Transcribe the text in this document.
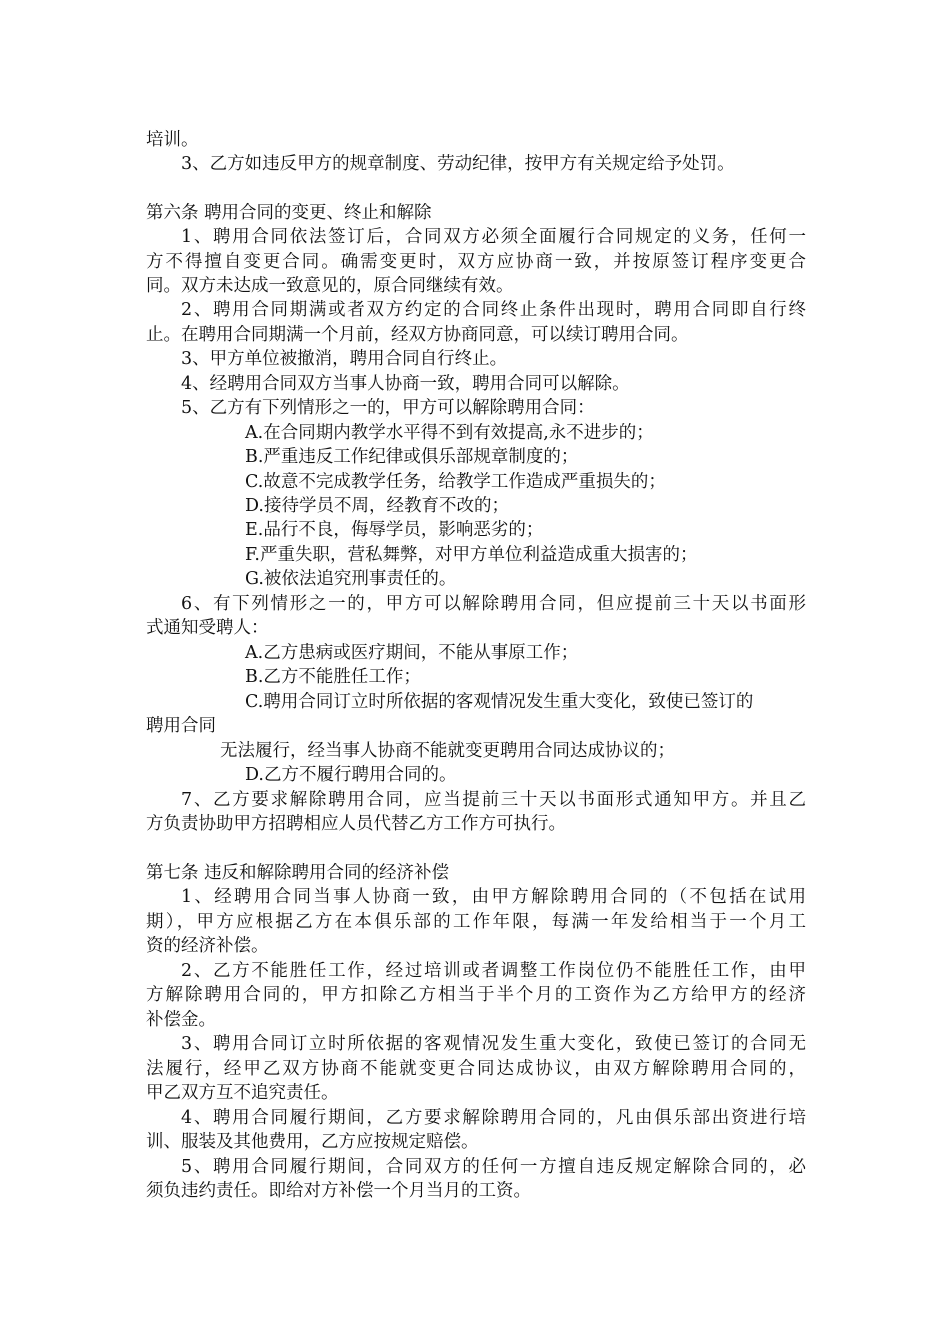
培训。
3、乙方如违反甲方的规章制度、劳动纪律，按甲方有关规定给予处罚。
第六条 聘用合同的变更、终止和解除
1、聘用合同依法签订后，合同双方必须全面履行合同规定的义务，任何一
方不得擅自变更合同。确需变更时，双方应协商一致，并按原签订程序变更合
同。双方未达成一致意见的，原合同继续有效。
2、聘用合同期满或者双方约定的合同终止条件出现时，聘用合同即自行终
止。在聘用合同期满一个月前，经双方协商同意，可以续订聘用合同。
3、甲方单位被撤消，聘用合同自行终止。
4、经聘用合同双方当事人协商一致，聘用合同可以解除。
5、乙方有下列情形之一的，甲方可以解除聘用合同：
A.在合同期内教学水平得不到有效提高,永不进步的；
B.严重违反工作纪律或俱乐部规章制度的；
C.故意不完成教学任务，给教学工作造成严重损失的；
D.接待学员不周，经教育不改的；
E.品行不良，侮辱学员，影响恶劣的；
F.严重失职，营私舞弊，对甲方单位利益造成重大损害的；
G.被依法追究刑事责任的。
6、有下列情形之一的，甲方可以解除聘用合同，但应提前三十天以书面形
式通知受聘人：
A.乙方患病或医疗期间，不能从事原工作；
B.乙方不能胜任工作；
C.聘用合同订立时所依据的客观情况发生重大变化，致使已签订的
聘用合同
无法履行，经当事人协商不能就变更聘用合同达成协议的；
D.乙方不履行聘用合同的。
7、乙方要求解除聘用合同，应当提前三十天以书面形式通知甲方。并且乙
方负责协助甲方招聘相应人员代替乙方工作方可执行。
第七条 违反和解除聘用合同的经济补偿
1、经聘用合同当事人协商一致，由甲方解除聘用合同的（不包括在试用
期），甲方应根据乙方在本俱乐部的工作年限，每满一年发给相当于一个月工
资的经济补偿。
2、乙方不能胜任工作，经过培训或者调整工作岗位仍不能胜任工作，由甲
方解除聘用合同的，甲方扣除乙方相当于半个月的工资作为乙方给甲方的经济
补偿金。
3、聘用合同订立时所依据的客观情况发生重大变化，致使已签订的合同无
法履行，经甲乙双方协商不能就变更合同达成协议，由双方解除聘用合同的，
甲乙双方互不追究责任。
4、聘用合同履行期间，乙方要求解除聘用合同的，凡由俱乐部出资进行培
训、服装及其他费用，乙方应按规定赔偿。
5、聘用合同履行期间，合同双方的任何一方擅自违反规定解除合同的，必
须负违约责任。即给对方补偿一个月当月的工资。
